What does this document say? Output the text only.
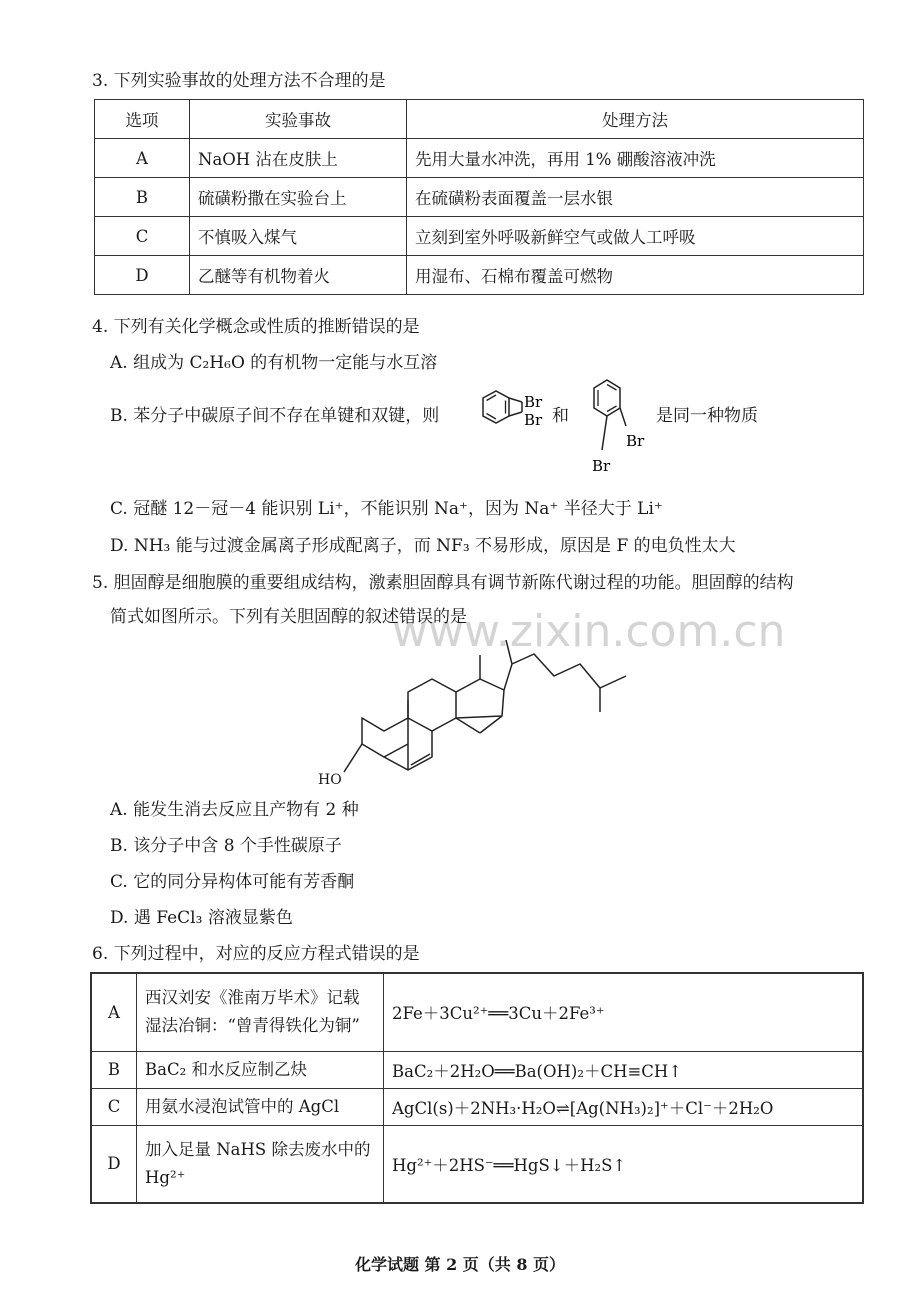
www.zixin.com.cn
3. 下列实验事故的处理方法不合理的是
选项	实验事故	处理方法
A	NaOH 沾在皮肤上	先用大量水冲洗，再用 1% 硼酸溶液冲洗
B	硫磺粉撒在实验台上	在硫磺粉表面覆盖一层水银
C	不慎吸入煤气	立刻到室外呼吸新鲜空气或做人工呼吸
D	乙醚等有机物着火	用湿布、石棉布覆盖可燃物
4. 下列有关化学概念或性质的推断错误的是
A. 组成为 C₂H₆O 的有机物一定能与水互溶
B. 苯分子中碳原子间不存在单键和双键，则
Br
Br 和
Br
Br
是同一种物质
C. 冠醚 12－冠－4 能识别 Li⁺，不能识别 Na⁺，因为 Na⁺ 半径大于 Li⁺
D. NH₃ 能与过渡金属离子形成配离子，而 NF₃ 不易形成，原因是 F 的电负性太大
5. 胆固醇是细胞膜的重要组成结构，激素胆固醇具有调节新陈代谢过程的功能。胆固醇的结构
简式如图所示。下列有关胆固醇的叙述错误的是
HO
A. 能发生消去反应且产物有 2 种
B. 该分子中含 8 个手性碳原子
C. 它的同分异构体可能有芳香酮
D. 遇 FeCl₃ 溶液显紫色
6. 下列过程中，对应的反应方程式错误的是
A	西汉刘安《淮南万毕术》记载湿法冶铜：“曾青得铁化为铜”	2Fe＋3Cu²⁺══3Cu＋2Fe³⁺
B	BaC₂ 和水反应制乙炔	BaC₂＋2H₂O══Ba(OH)₂＋CH≡CH↑
C	用氨水浸泡试管中的 AgCl	AgCl(s)＋2NH₃·H₂O⇌[Ag(NH₃)₂]⁺＋Cl⁻＋2H₂O
D	加入足量 NaHS 除去废水中的 Hg²⁺	Hg²⁺＋2HS⁻══HgS↓＋H₂S↑
化学试题 第 2 页（共 8 页）
